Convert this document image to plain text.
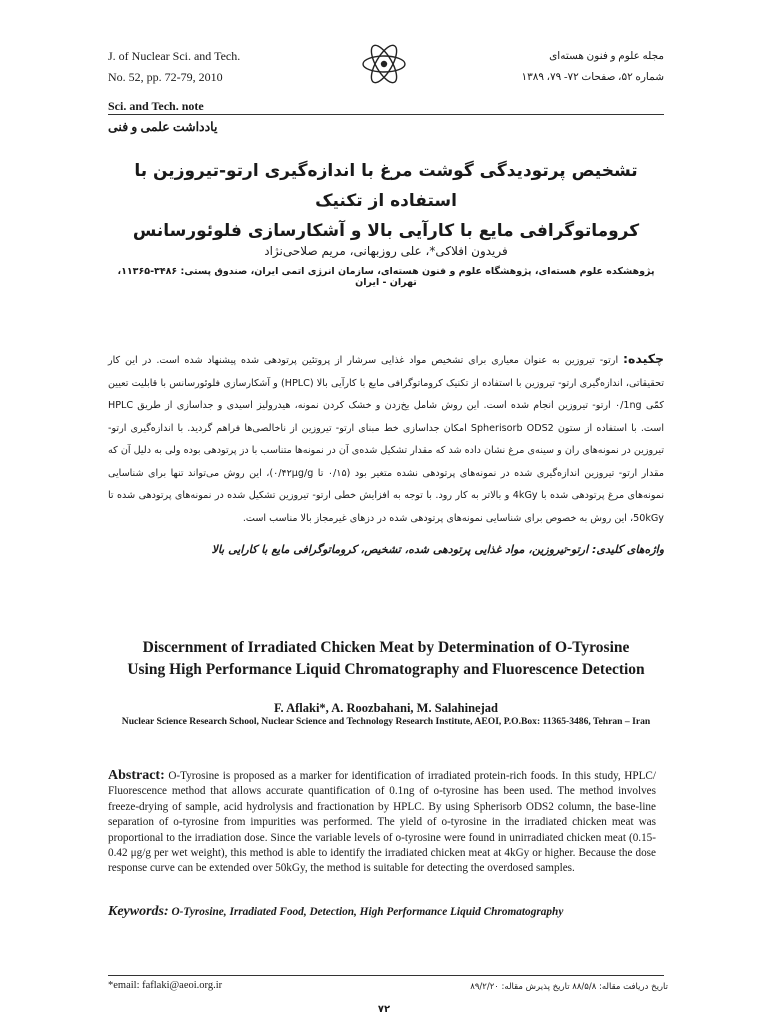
J. of Nuclear Sci. and Tech.
No. 52, pp. 72-79, 2010
مجله علوم و فنون هسته‌ای
شماره ۵۲، صفحات ۷۲- ۷۹، ۱۳۸۹
Sci. and Tech. note
یادداشت علمی و فنی
تشخیص پرتودیدگی گوشت مرغ با اندازه‌گیری ارتو-تیروزین با استفاده از تکنیک
کروماتوگرافی مایع با کارآیی بالا و آشکارسازی فلوئورسانس
فریدون افلاکی*، علی روزبهانی، مریم صلاحی‌نژاد
پژوهشکده علوم هسته‌ای، پژوهشگاه علوم و فنون هسته‌ای، سازمان انرژی اتمی ایران، صندوق پستی: ۳۴۸۶-۱۱۳۶۵، تهران - ایران
چکیده: ارتو- تیروزین به عنوان معیاری برای تشخیص مواد غذایی سرشار از پروتئین پرتودهی شده پیشنهاد شده است. در این کار تحقیقاتی، اندازه‌گیری ارتو- تیروزین با استفاده از تکنیک کروماتوگرافی مایع با کارآیی بالا (HPLC) و آشکارسازی فلوئورسانس با قابلیت تعیین کمّی ۰/1ng ارتو- تیروزین انجام شده است. این روش شامل یخ‌زدن و خشک کردن نمونه، هیدرولیز اسیدی و جداسازی از طریق HPLC است. با استفاده از ستون Spherisorb ODS2 امکان جداسازی خط مبنای ارتو- تیروزین از ناخالصی‌ها فراهم گردید. با اندازه‌گیری ارتو- تیروزین در نمونه‌های ران و سینه‌ی مرغ نشان داده شد که مقدار تشکیل شده‌ی آن در نمونه‌ها متناسب با دز پرتودهی بوده ولی به دلیل آن که مقدار ارتو- تیروزین اندازه‌گیری شده در نمونه‌های پرتودهی نشده متغیر بود (۰/۱۵ تا ۰/۴۲μg/g)، این روش می‌تواند تنها برای شناسایی نمونه‌های مرغ پرتودهی شده با 4kGy و بالاتر به کار رود. با توجه به افزایش خطی ارتو- تیروزین تشکیل شده در نمونه‌های پرتودهی شده تا 50kGy، این روش به خصوص برای شناسایی نمونه‌های پرتودهی شده در دزهای غیرمجاز بالا مناسب است.
واژه‌های کلیدی: ارتو-تیروزین، مواد غذایی پرتودهی شده، تشخیص، کروماتوگرافی مایع با کارایی بالا
Discernment of Irradiated Chicken Meat by Determination of O-Tyrosine
Using High Performance Liquid Chromatography and Fluorescence Detection
F. Aflaki*, A. Roozbahani, M. Salahinejad
Nuclear Science Research School, Nuclear Science and Technology Research Institute, AEOI, P.O.Box: 11365-3486, Tehran – Iran
Abstract: O-Tyrosine is proposed as a marker for identification of irradiated protein-rich foods. In this study, HPLC/ Fluorescence method that allows accurate quantification of 0.1ng of o-tyrosine has been used. The method involves freeze-drying of sample, acid hydrolysis and fractionation by HPLC. By using Spherisorb ODS2 column, the base-line separation of o-tyrosine from impurities was performed. The yield of o-tyrosine in the irradiated chicken meat was proportional to the irradiation dose. Since the variable levels of o-tyrosine were found in unirradiated chicken meat (0.15-0.42 μg/g per wet weight), this method is able to identify the irradiated chicken meat at 4kGy or higher. Because the dose response curve can be extended over 50kGy, the method is suitable for detecting the overdosed samples.
Keywords: O-Tyrosine, Irradiated Food, Detection, High Performance Liquid Chromatography
*email: faflaki@aeoi.org.ir	تاریخ دریافت مقاله: ۸۸/۵/۸ تاریخ پذیرش مقاله: ۸۹/۲/۲۰
۷۲
